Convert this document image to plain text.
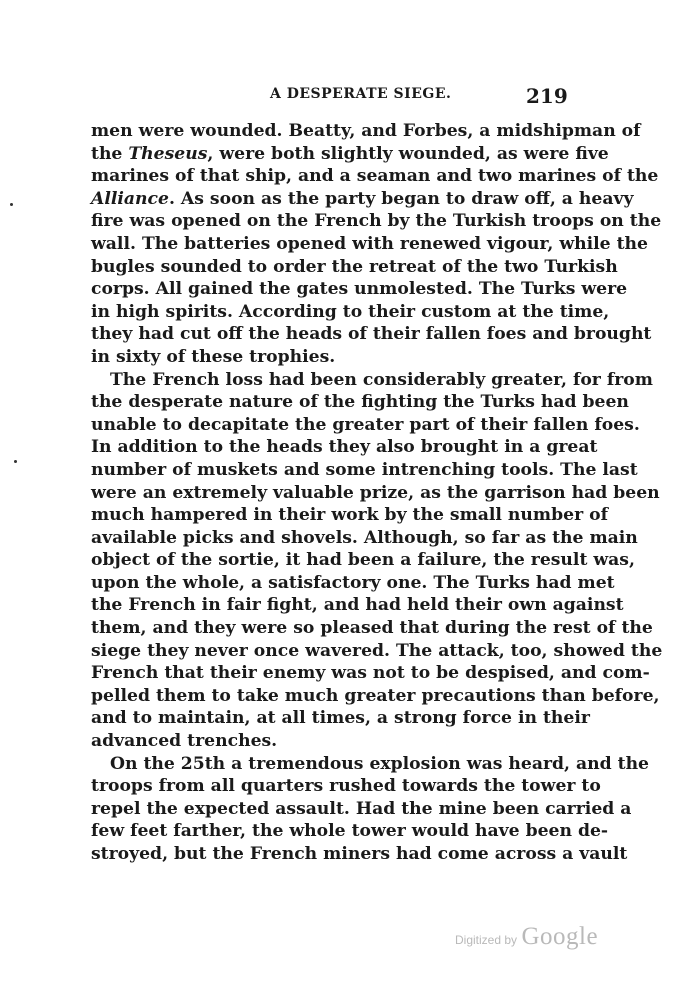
A DESPERATE SIEGE.	219

men were wounded. Beatty, and Forbes, a midshipman of
the Theseus, were both slightly wounded, as were five
marines of that ship, and a seaman and two marines of the
Alliance. As soon as the party began to draw off, a heavy
fire was opened on the French by the Turkish troops on the
wall. The batteries opened with renewed vigour, while the
bugles sounded to order the retreat of the two Turkish
corps. All gained the gates unmolested. The Turks were
in high spirits. According to their custom at the time,
they had cut off the heads of their fallen foes and brought
in sixty of these trophies.

The French loss had been considerably greater, for from
the desperate nature of the fighting the Turks had been
unable to decapitate the greater part of their fallen foes.
In addition to the heads they also brought in a great
number of muskets and some intrenching tools. The last
were an extremely valuable prize, as the garrison had been
much hampered in their work by the small number of
available picks and shovels. Although, so far as the main
object of the sortie, it had been a failure, the result was,
upon the whole, a satisfactory one. The Turks had met
the French in fair fight, and had held their own against
them, and they were so pleased that during the rest of the
siege they never once wavered. The attack, too, showed the
French that their enemy was not to be despised, and com-
pelled them to take much greater precautions than before,
and to maintain, at all times, a strong force in their
advanced trenches.

On the 25th a tremendous explosion was heard, and the
troops from all quarters rushed towards the tower to
repel the expected assault. Had the mine been carried a
few feet farther, the whole tower would have been de-
stroyed, but the French miners had come across a vault

Digitized by Google
